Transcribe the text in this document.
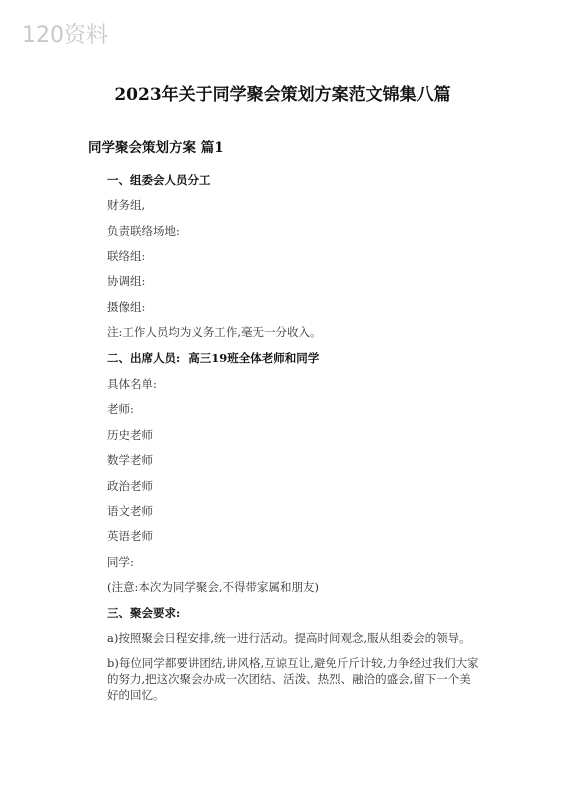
120资料
2023年关于同学聚会策划方案范文锦集八篇
同学聚会策划方案 篇1
一、组委会人员分工
财务组,
负责联络场地:
联络组:
协调组:
摄像组:
注:工作人员均为义务工作,毫无一分收入。
二、出席人员:  高三19班全体老师和同学
具体名单:
老师:
历史老师
数学老师
政治老师
语文老师
英语老师
同学:
(注意:本次为同学聚会,不得带家属和朋友)
三、聚会要求:
a)按照聚会日程安排,统一进行活动。提高时间观念,服从组委会的领导。
b)每位同学都要讲团结,讲风格,互谅互让,避免斤斤计较,力争经过我们大家的努力,把这次聚会办成一次团结、活泼、热烈、融洽的盛会,留下一个美好的回忆。
